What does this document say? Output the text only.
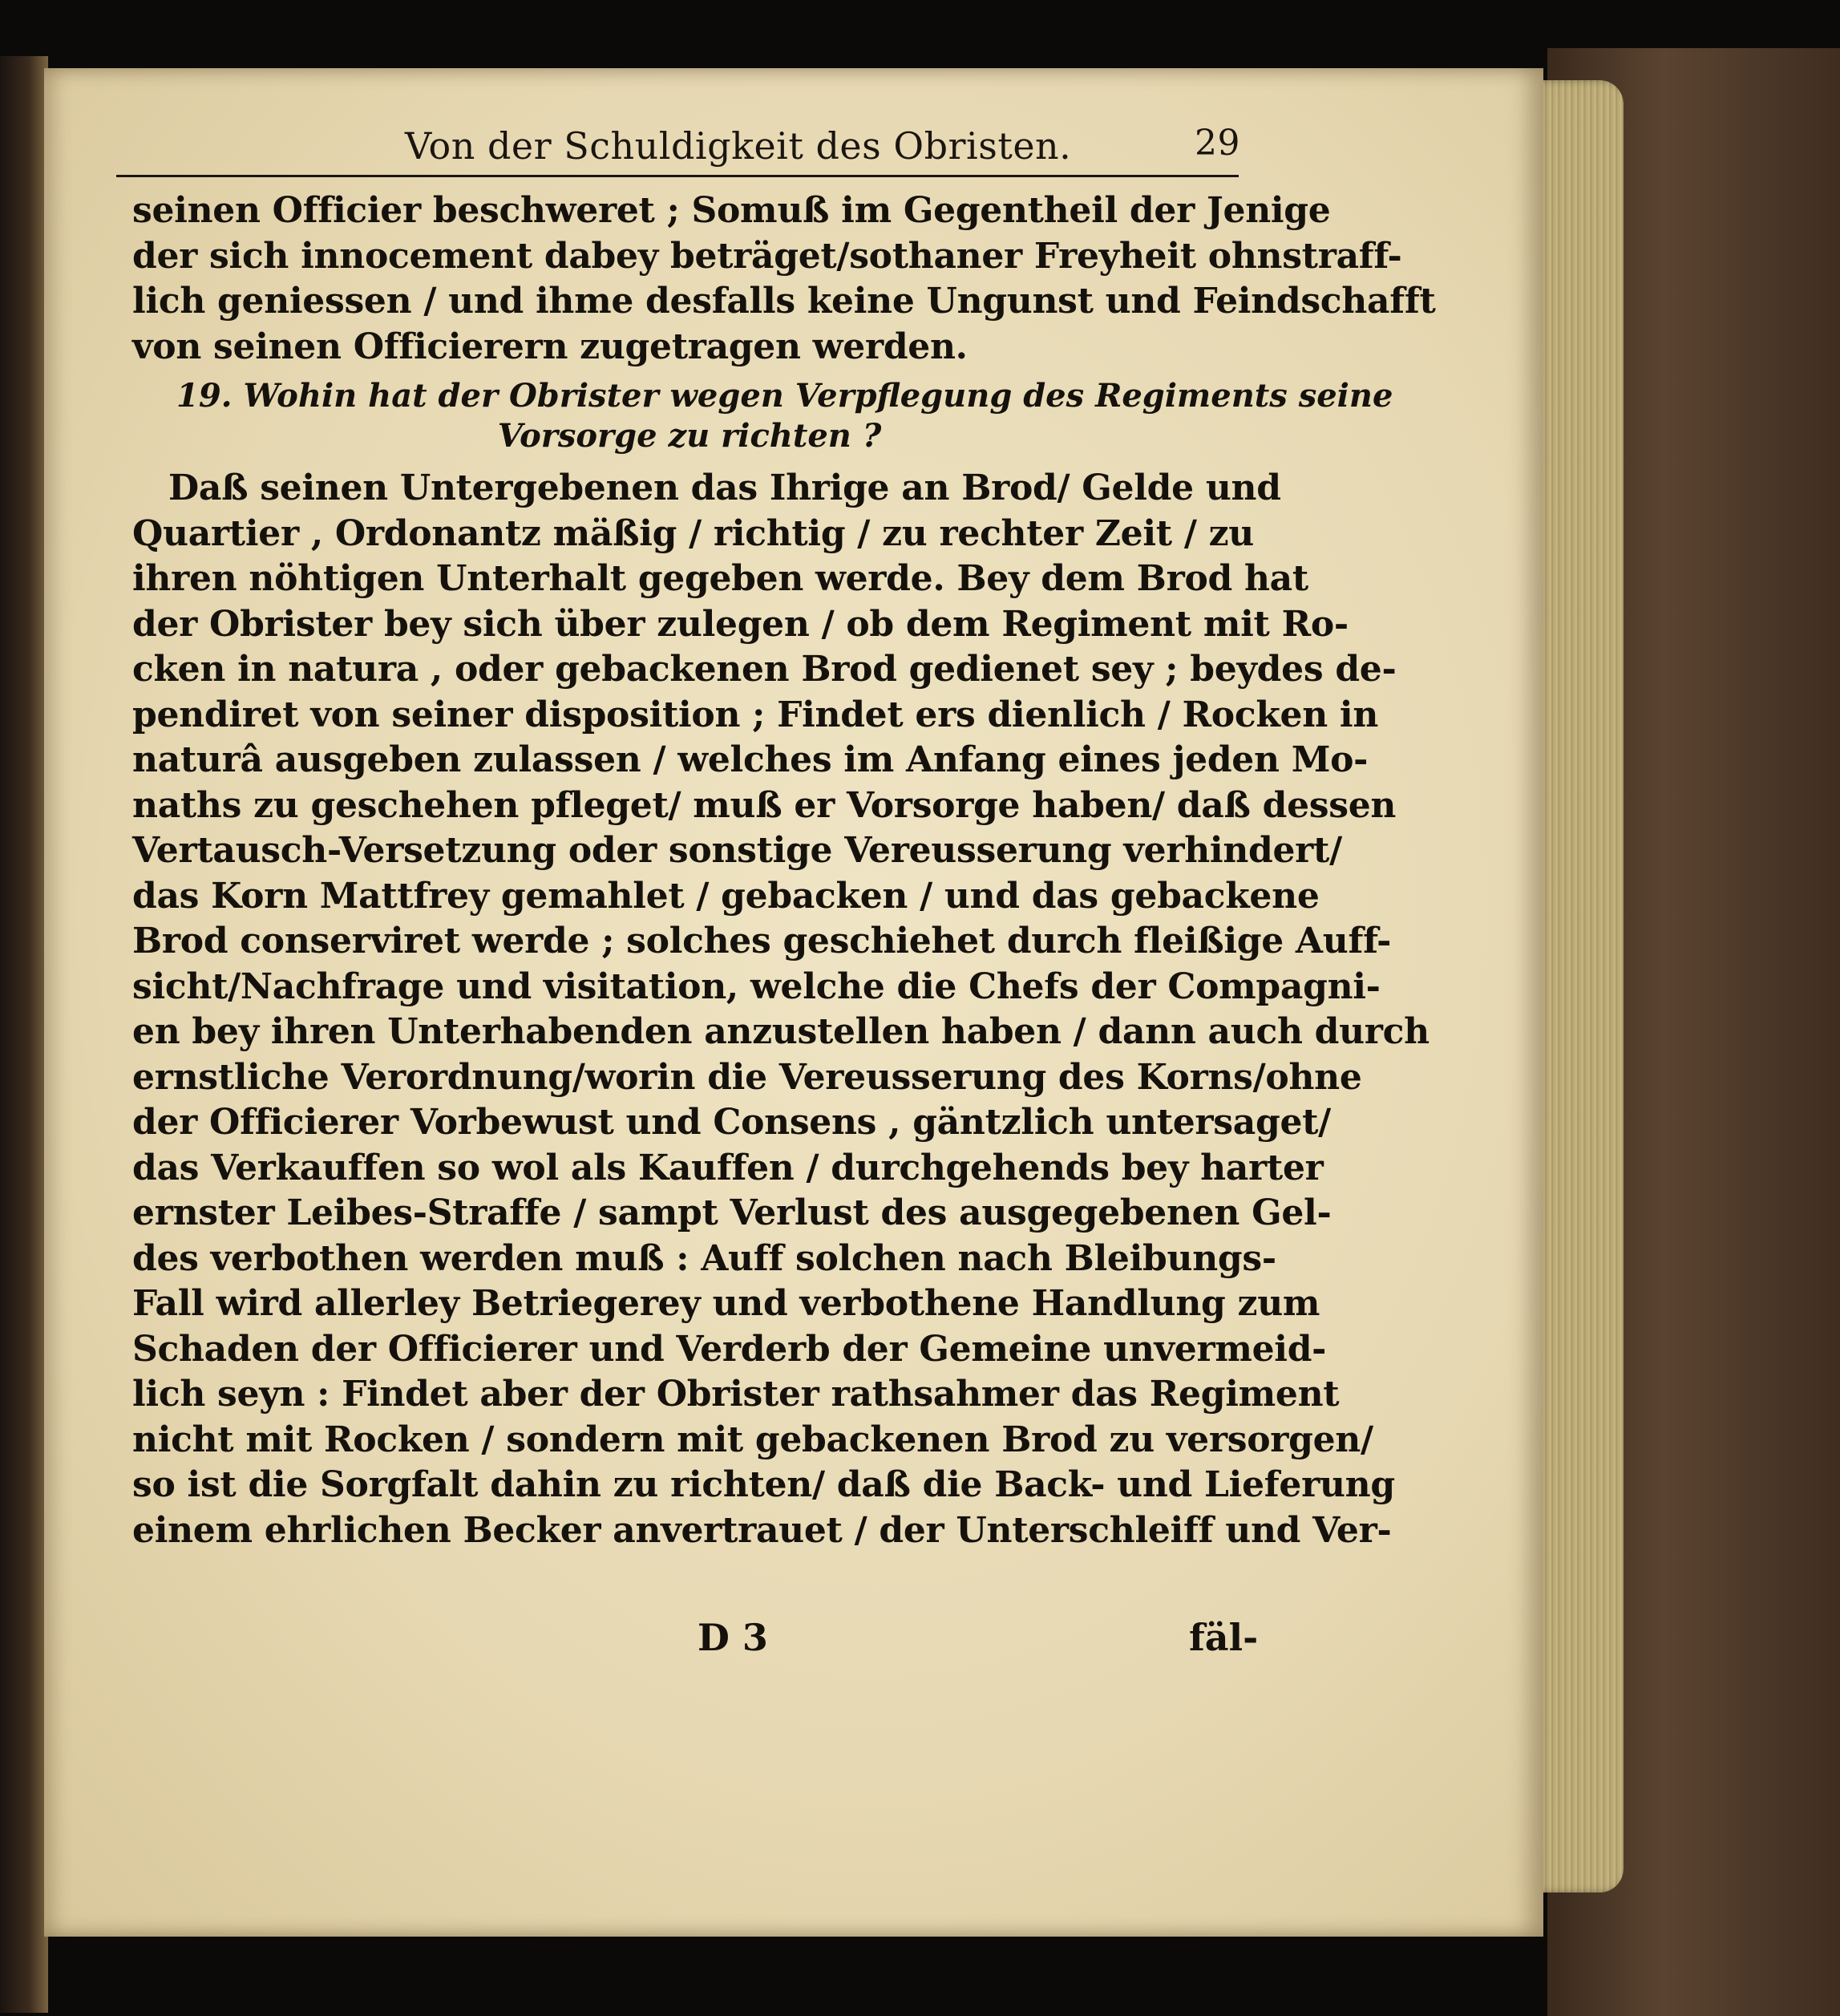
Von der Schuldigkeit des Obristen.	29
seinen Officier beschweret ; Somuß im Gegentheil der Jenige
der sich innocement dabey beträget/sothaner Freyheit ohnstraff-
lich geniessen / und ihme desfalls keine Ungunst und Feindschafft
von seinen Officierern zugetragen werden.
19. Wohin hat der Obrister wegen Verpflegung des Regiments seine
Vorsorge zu richten ?
Daß seinen Untergebenen das Ihrige an Brod/ Gelde und
Quartier , Ordonantz mäßig / richtig / zu rechter Zeit / zu
ihren nöhtigen Unterhalt gegeben werde. Bey dem Brod hat
der Obrister bey sich über zulegen / ob dem Regiment mit Ro-
cken in natura , oder gebackenen Brod gedienet sey ; beydes de-
pendiret von seiner disposition ; Findet ers dienlich / Rocken in
naturâ ausgeben zulassen / welches im Anfang eines jeden Mo-
naths zu geschehen pfleget/ muß er Vorsorge haben/ daß dessen
Vertausch-Versetzung oder sonstige Vereusserung verhindert/
das Korn Mattfrey gemahlet / gebacken / und das gebackene
Brod conserviret werde ; solches geschiehet durch fleißige Auff-
sicht/Nachfrage und visitation, welche die Chefs der Compagni-
en bey ihren Unterhabenden anzustellen haben / dann auch durch
ernstliche Verordnung/worin die Vereusserung des Korns/ohne
der Officierer Vorbewust und Consens , gäntzlich untersaget/
das Verkauffen so wol als Kauffen / durchgehends bey harter
ernster Leibes-Straffe / sampt Verlust des ausgegebenen Gel-
des verbothen werden muß : Auff solchen nach Bleibungs-
Fall wird allerley Betriegerey und verbothene Handlung zum
Schaden der Officierer und Verderb der Gemeine unvermeid-
lich seyn : Findet aber der Obrister rathsahmer das Regiment
nicht mit Rocken / sondern mit gebackenen Brod zu versorgen/
so ist die Sorgfalt dahin zu richten/ daß die Back- und Lieferung
einem ehrlichen Becker anvertrauet / der Unterschleiff und Ver-
D 3	fäl-
